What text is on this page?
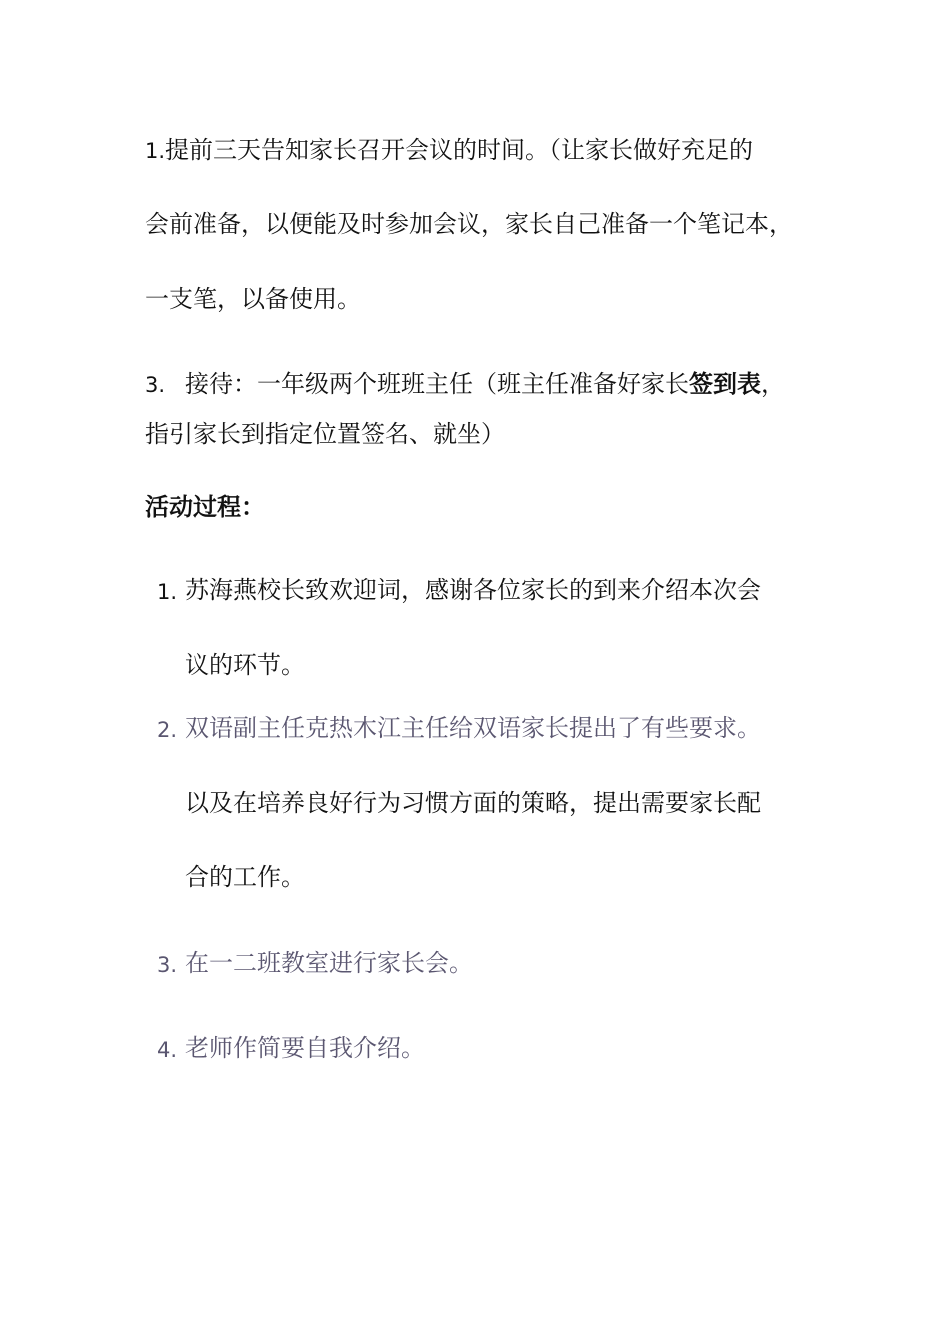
1.提前三天告知家长召开会议的时间。（让家长做好充足的
会前准备，以便能及时参加会议，家长自己准备一个笔记本，
一支笔，以备使用。
3. 接待：一年级两个班班主任（班主任准备好家长签到表，
指引家长到指定位置签名、就坐）
活动过程：
1. 苏海燕校长致欢迎词，感谢各位家长的到来介绍本次会
议的环节。
2. 双语副主任克热木江主任给双语家长提出了有些要求。
以及在培养良好行为习惯方面的策略，提出需要家长配
合的工作。
3. 在一二班教室进行家长会。
4. 老师作简要自我介绍。
